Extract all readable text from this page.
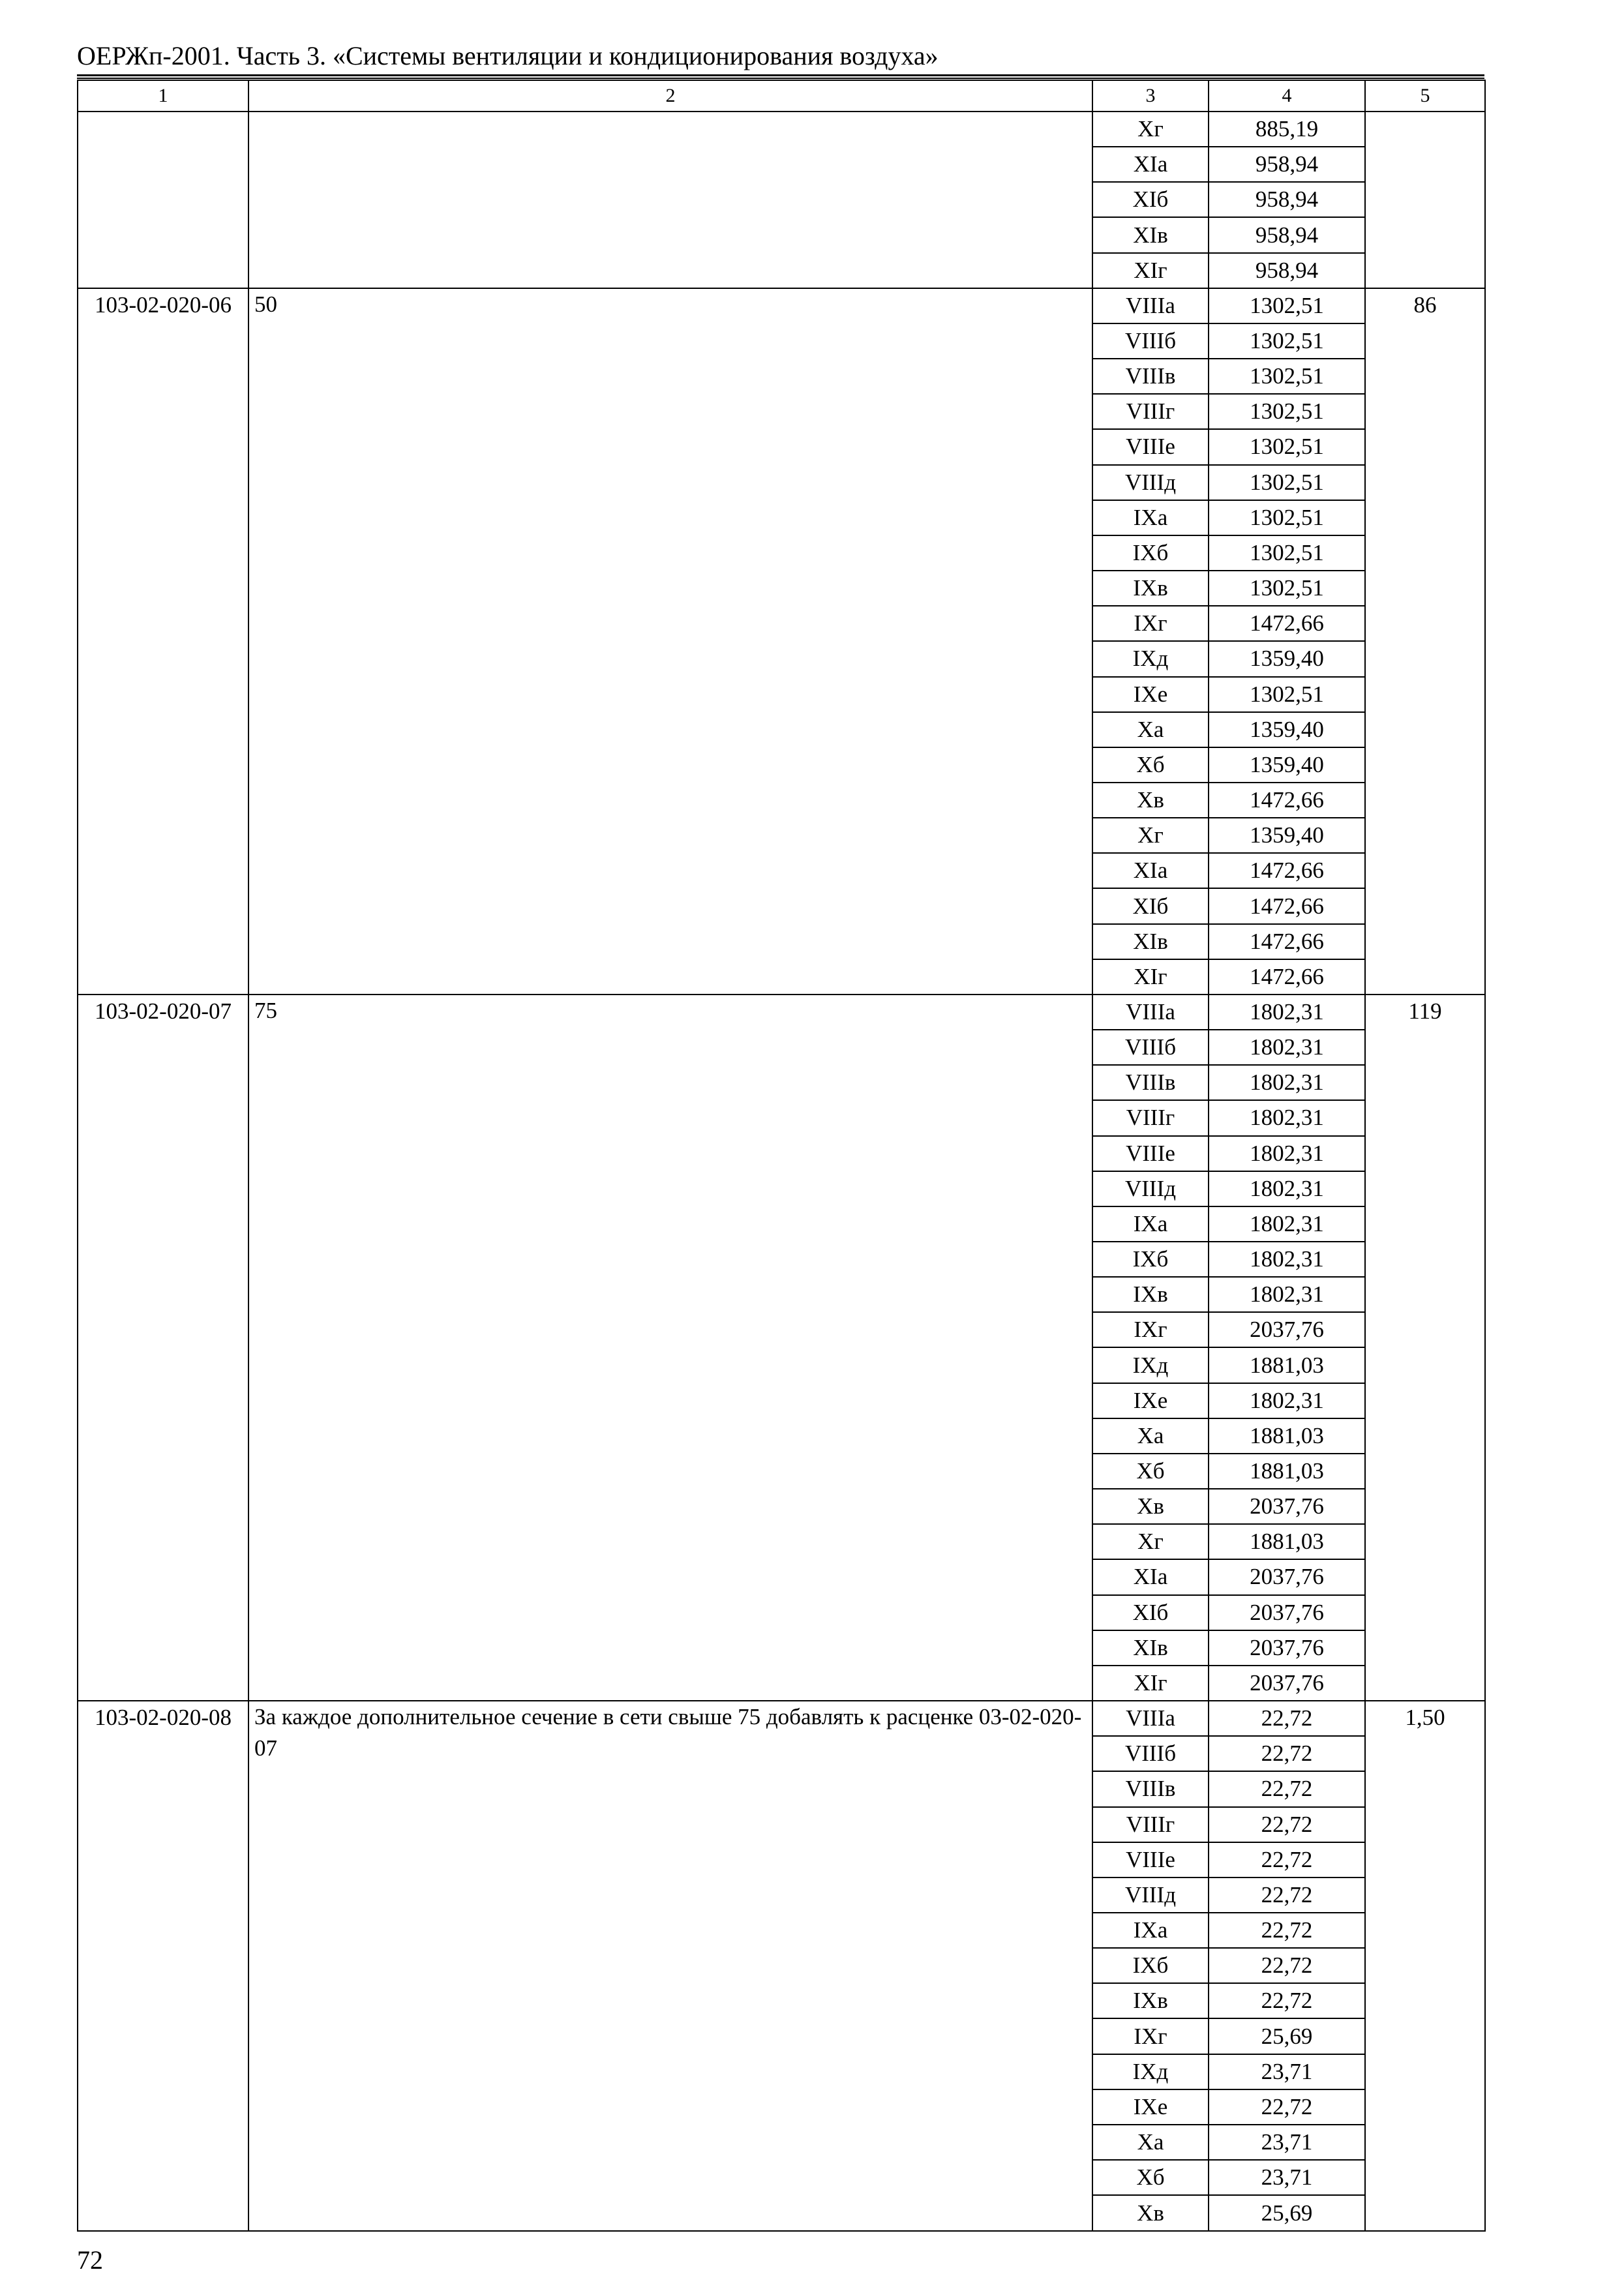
ОЕРЖп-2001. Часть 3. «Системы вентиляции и кондиционирования воздуха»
1	2	3	4	5
		Xг	885,19	
		XIа	958,94	
		XIб	958,94	
		XIв	958,94	
		XIг	958,94	
103-02-020-06	50	VIIIа	1302,51	86
		VIIIб	1302,51	
		VIIIв	1302,51	
		VIIIг	1302,51	
		VIIIе	1302,51	
		VIIIд	1302,51	
		IXа	1302,51	
		IXб	1302,51	
		IXв	1302,51	
		IXг	1472,66	
		IXд	1359,40	
		IXе	1302,51	
		Xа	1359,40	
		Xб	1359,40	
		Xв	1472,66	
		Xг	1359,40	
		XIа	1472,66	
		XIб	1472,66	
		XIв	1472,66	
		XIг	1472,66	
103-02-020-07	75	VIIIа	1802,31	119
		VIIIб	1802,31	
		VIIIв	1802,31	
		VIIIг	1802,31	
		VIIIе	1802,31	
		VIIIд	1802,31	
		IXа	1802,31	
		IXб	1802,31	
		IXв	1802,31	
		IXг	2037,76	
		IXд	1881,03	
		IXе	1802,31	
		Xа	1881,03	
		Xб	1881,03	
		Xв	2037,76	
		Xг	1881,03	
		XIа	2037,76	
		XIб	2037,76	
		XIв	2037,76	
		XIг	2037,76	
103-02-020-08	За каждое дополнительное сечение в сети свыше 75 добавлять к расценке 03-02-020-07	VIIIа	22,72	1,50
		VIIIб	22,72	
		VIIIв	22,72	
		VIIIг	22,72	
		VIIIе	22,72	
		VIIIд	22,72	
		IXа	22,72	
		IXб	22,72	
		IXв	22,72	
		IXг	25,69	
		IXд	23,71	
		IXе	22,72	
		Xа	23,71	
		Xб	23,71	
		Xв	25,69	
72
